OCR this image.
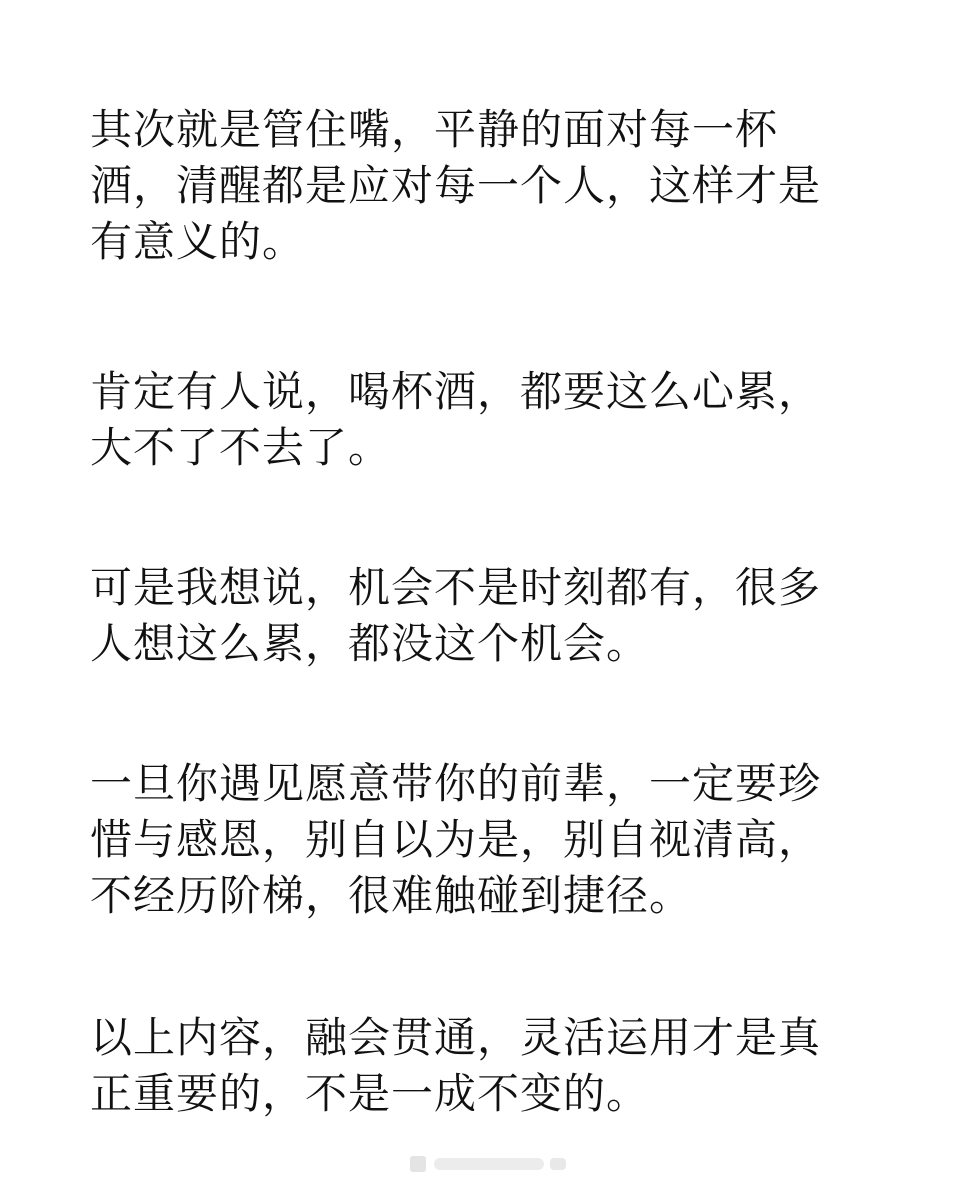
其次就是管住嘴，平静的面对每一杯
酒，清醒都是应对每一个人，这样才是
有意义的。
肯定有人说，喝杯酒，都要这么心累，
大不了不去了。
可是我想说，机会不是时刻都有，很多
人想这么累，都没这个机会。
一旦你遇见愿意带你的前辈，一定要珍
惜与感恩，别自以为是，别自视清高，
不经历阶梯，很难触碰到捷径。
以上内容，融会贯通，灵活运用才是真
正重要的，不是一成不变的。
